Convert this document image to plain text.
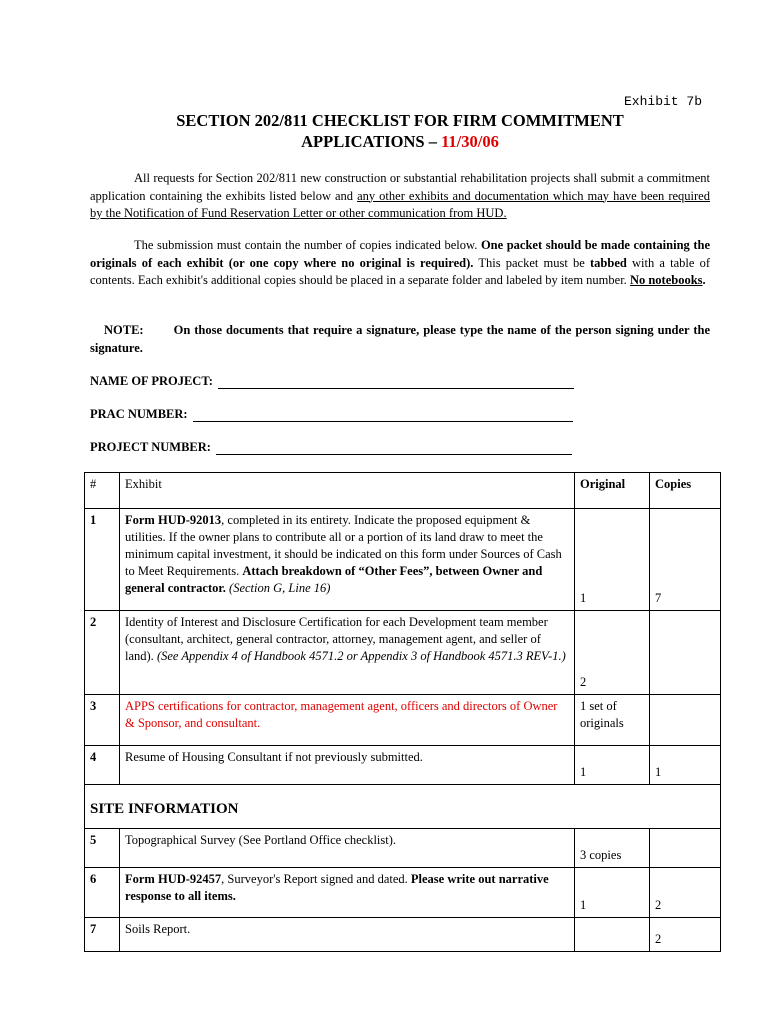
Exhibit 7b
SECTION 202/811 CHECKLIST FOR FIRM COMMITMENT
APPLICATIONS – 11/30/06
All requests for Section 202/811 new construction or substantial rehabilitation projects shall submit a commitment application containing the exhibits listed below and any other exhibits and documentation which may have been required by the Notification of Fund Reservation Letter or other communication from HUD.
The submission must contain the number of copies indicated below. One packet should be made containing the originals of each exhibit (or one copy where no original is required). This packet must be tabbed with a table of contents. Each exhibit's additional copies should be placed in a separate folder and labeled by item number. No notebooks.
NOTE: On those documents that require a signature, please type the name of the person signing under the signature.
NAME OF PROJECT:
PRAC NUMBER:
PROJECT NUMBER:
#	Exhibit	Original	Copies
1	Form HUD-92013, completed in its entirety. Indicate the proposed equipment & utilities. If the owner plans to contribute all or a portion of its land draw to meet the minimum capital investment, it should be indicated on this form under Sources of Cash to Meet Requirements. Attach breakdown of “Other Fees”, between Owner and general contractor. (Section G, Line 16)	1	7
2	Identity of Interest and Disclosure Certification for each Development team member (consultant, architect, general contractor, attorney, management agent, and seller of land). (See Appendix 4 of Handbook 4571.2 or Appendix 3 of Handbook 4571.3 REV-1.)	2	
3	APPS certifications for contractor, management agent, officers and directors of Owner & Sponsor, and consultant.	1 set of originals	
4	Resume of Housing Consultant if not previously submitted.	1	1
SITE INFORMATION			
5	Topographical Survey (See Portland Office checklist).	3 copies	
6	Form HUD-92457, Surveyor's Report signed and dated. Please write out narrative response to all items.	1	2
7	Soils Report.		2
